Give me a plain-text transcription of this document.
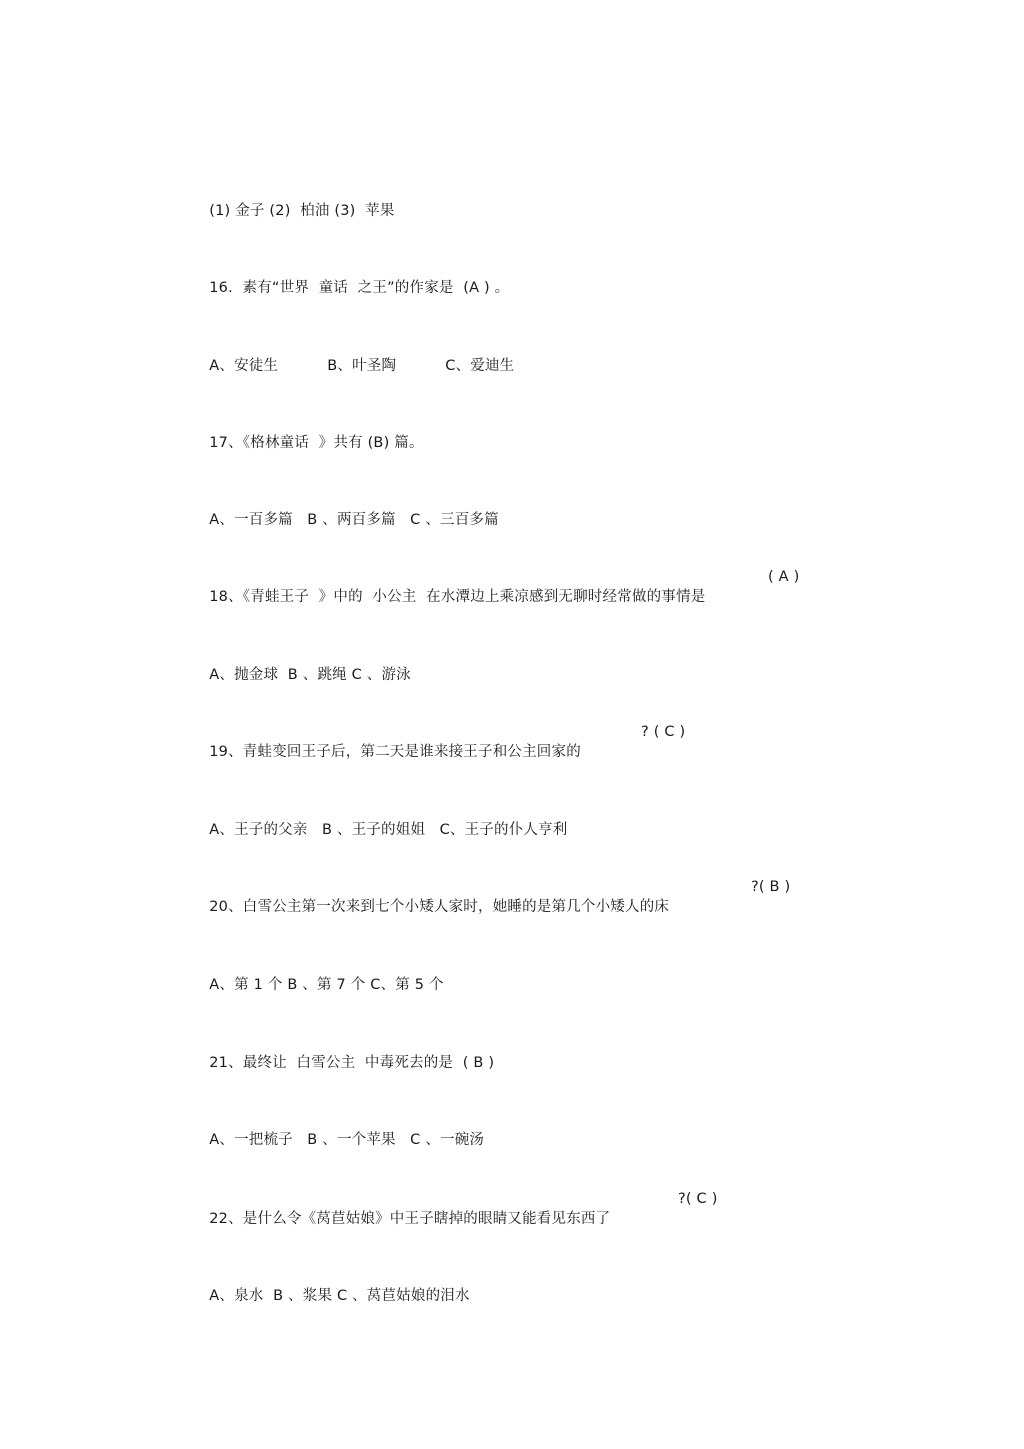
(1) 金子 (2)  柏油 (3)  苹果

16.  素有“世界  童话  之王”的作家是  (A ) 。

A、安徒生	B、叶圣陶	C、爱迪生

17、《格林童话  》共有 (B) 篇。

A、一百多篇   B 、两百多篇   C 、三百多篇

18、《青蛙王子  》中的  小公主  在水潭边上乘凉感到无聊时经常做的事情是

( A )

A、抛金球  B 、跳绳 C 、游泳

19、青蛙变回王子后，第二天是谁来接王子和公主回家的

? ( C )

A、王子的父亲   B 、王子的姐姐   C、王子的仆人亨利

20、白雪公主第一次来到七个小矮人家时，她睡的是第几个小矮人的床

?( B )

A、第 1 个 B 、第 7 个 C、第 5 个

21、最终让  白雪公主  中毒死去的是  ( B )

A、一把梳子   B 、一个苹果   C 、一碗汤

22、是什么令《莴苣姑娘》中王子瞎掉的眼睛又能看见东西了

?( C )

A、泉水  B 、浆果 C 、莴苣姑娘的泪水
